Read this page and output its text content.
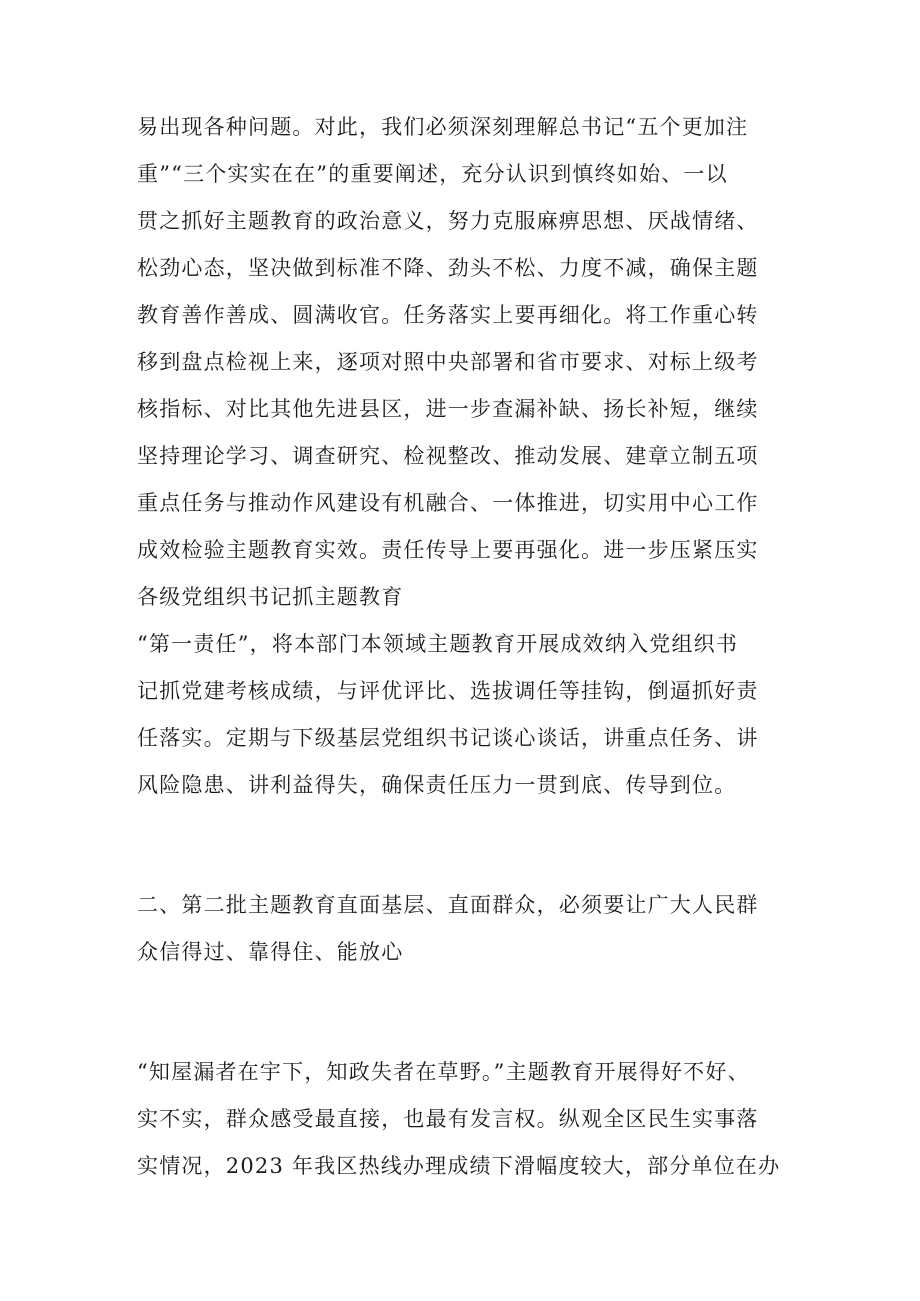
易出现各种问题。对此，我们必须深刻理解总书记“五个更加注
重”“三个实实在在”的重要阐述，充分认识到慎终如始、一以
贯之抓好主题教育的政治意义，努力克服麻痹思想、厌战情绪、
松劲心态，坚决做到标准不降、劲头不松、力度不减，确保主题
教育善作善成、圆满收官。任务落实上要再细化。将工作重心转
移到盘点检视上来，逐项对照中央部署和省市要求、对标上级考
核指标、对比其他先进县区，进一步查漏补缺、扬长补短，继续
坚持理论学习、调查研究、检视整改、推动发展、建章立制五项
重点任务与推动作风建设有机融合、一体推进，切实用中心工作
成效检验主题教育实效。责任传导上要再强化。进一步压紧压实
各级党组织书记抓主题教育
“第一责任”，将本部门本领域主题教育开展成效纳入党组织书
记抓党建考核成绩，与评优评比、选拔调任等挂钩，倒逼抓好责
任落实。定期与下级基层党组织书记谈心谈话，讲重点任务、讲
风险隐患、讲利益得失，确保责任压力一贯到底、传导到位。
二、第二批主题教育直面基层、直面群众，必须要让广大人民群
众信得过、靠得住、能放心
“知屋漏者在宇下，知政失者在草野。”主题教育开展得好不好、
实不实，群众感受最直接，也最有发言权。纵观全区民生实事落
实情况，2023 年我区热线办理成绩下滑幅度较大，部分单位在办
